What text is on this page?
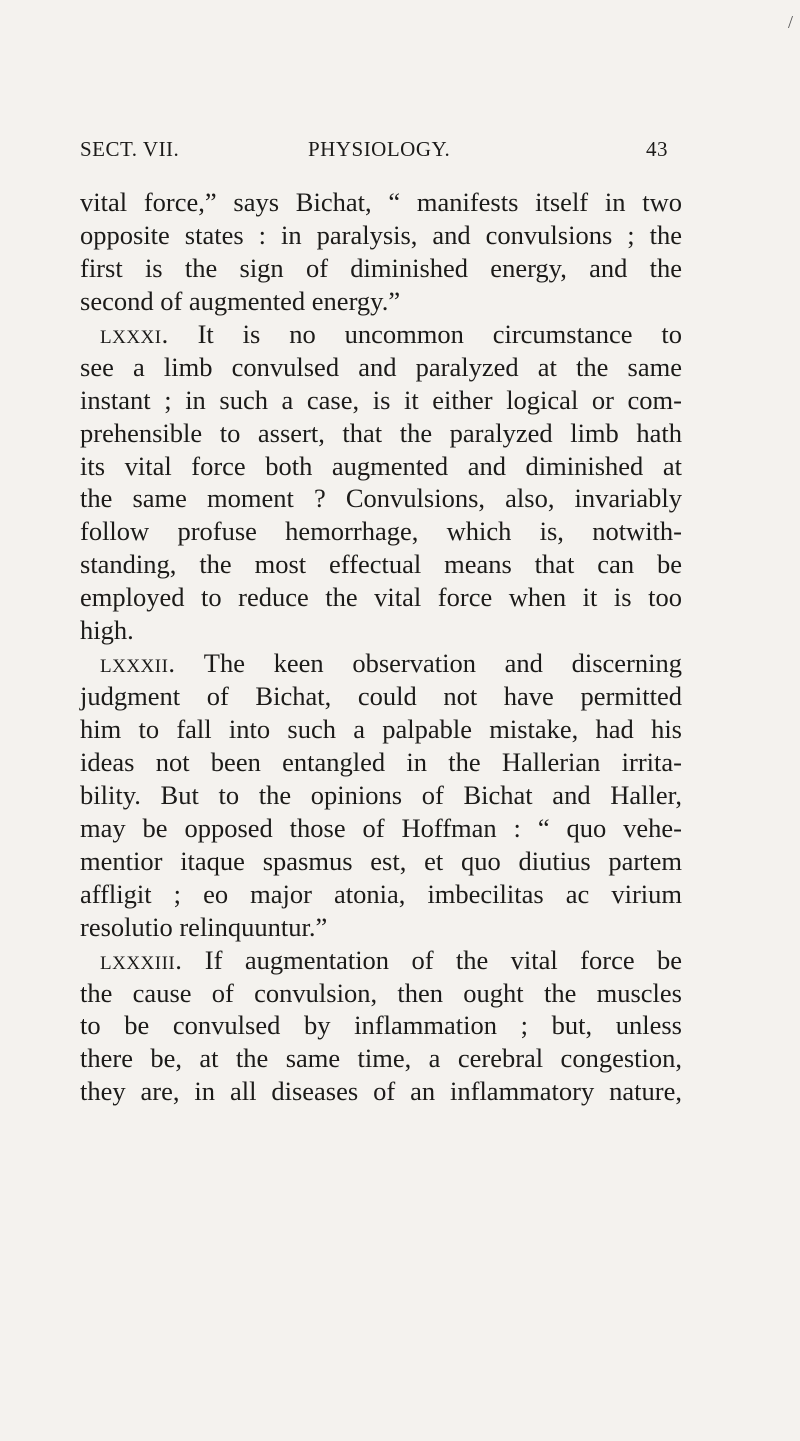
/
SECT. VII.	PHYSIOLOGY.	43
vital force,” says Bichat, “ manifests itself in two
opposite states : in paralysis, and convulsions ; the
first is the sign of diminished energy, and the
second of augmented energy.”
lxxxi. It is no uncommon circumstance to
see a limb convulsed and paralyzed at the same
instant ; in such a case, is it either logical or com-
prehensible to assert, that the paralyzed limb hath
its vital force both augmented and diminished at
the same moment ? Convulsions, also, invariably
follow profuse hemorrhage, which is, notwith-
standing, the most effectual means that can be
employed to reduce the vital force when it is too
high.
lxxxii. The keen observation and discerning
judgment of Bichat, could not have permitted
him to fall into such a palpable mistake, had his
ideas not been entangled in the Hallerian irrita-
bility. But to the opinions of Bichat and Haller,
may be opposed those of Hoffman : “ quo vehe-
mentior itaque spasmus est, et quo diutius partem
affligit ; eo major atonia, imbecilitas ac virium
resolutio relinquuntur.”
lxxxiii. If augmentation of the vital force be
the cause of convulsion, then ought the muscles
to be convulsed by inflammation ; but, unless
there be, at the same time, a cerebral congestion,
they are, in all diseases of an inflammatory nature,
